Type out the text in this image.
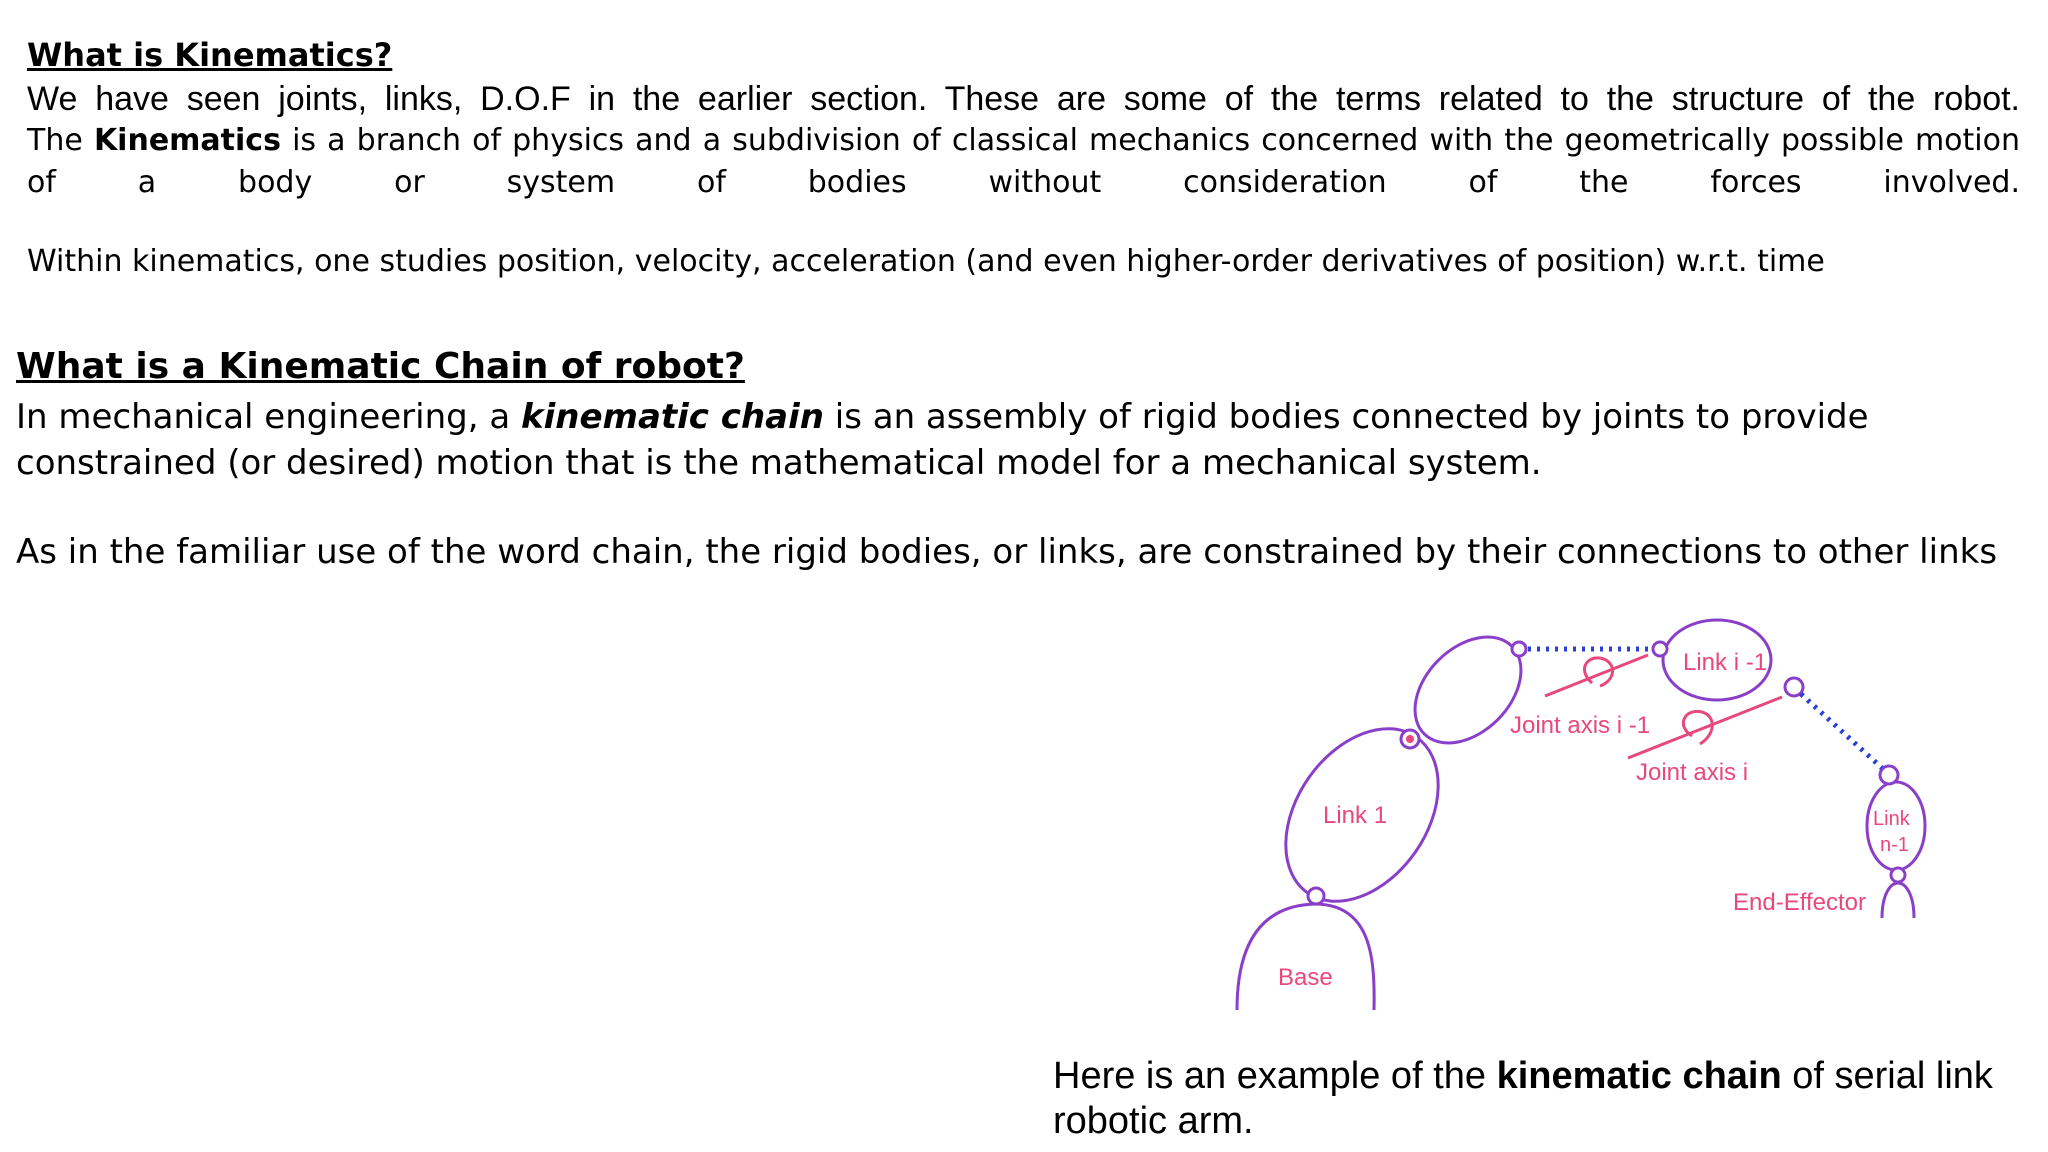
What is Kinematics?
We have seen joints, links, D.O.F in the earlier section. These are some of the terms related to the structure of the robot.
The Kinematics is a branch of physics and a subdivision of classical mechanics concerned with the geometrically possible motion of a body or system of bodies without consideration of the forces involved.
Within kinematics, one studies position, velocity, acceleration (and even higher-order derivatives of position) w.r.t. time
What is a Kinematic Chain of robot?
In mechanical engineering, a kinematic chain is an assembly of rigid bodies connected by joints to provide constrained (or desired) motion that is the mathematical model for a mechanical system.
As in the familiar use of the word chain, the rigid bodies, or links, are constrained by their connections to other links
Base
Link 1
Link i -1
Joint axis i -1
Joint axis i
Link
n-1
End-Effector
Here is an example of the kinematic chain of serial link robotic arm.
